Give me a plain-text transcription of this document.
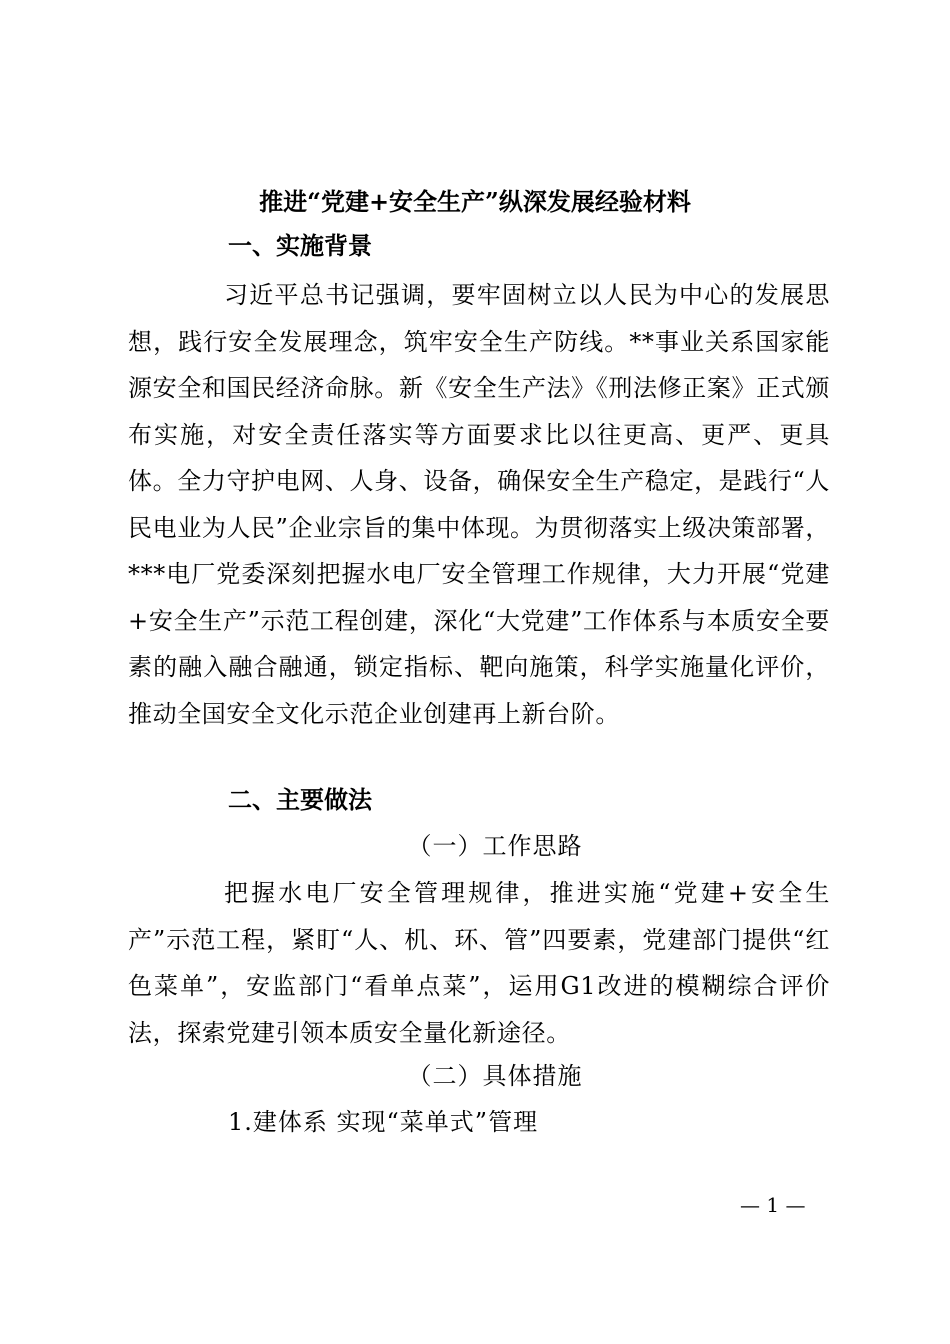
推进“党建+安全生产”纵深发展经验材料
一、实施背景
习近平总书记强调，要牢固树立以人民为中心的发展思想，践行安全发展理念，筑牢安全生产防线。**事业关系国家能源安全和国民经济命脉。新《安全生产法》《刑法修正案》正式颁布实施，对安全责任落实等方面要求比以往更高、更严、更具体。全力守护电网、人身、设备，确保安全生产稳定，是践行“人民电业为人民”企业宗旨的集中体现。为贯彻落实上级决策部署，***电厂党委深刻把握水电厂安全管理工作规律，大力开展“党建+安全生产”示范工程创建，深化“大党建”工作体系与本质安全要素的融入融合融通，锁定指标、靶向施策，科学实施量化评价，推动全国安全文化示范企业创建再上新台阶。
二、主要做法
（一）工作思路
把握水电厂安全管理规律，推进实施“党建+安全生产”示范工程，紧盯“人、机、环、管”四要素，党建部门提供“红色菜单”，安监部门“看单点菜”，运用G1改进的模糊综合评价法，探索党建引领本质安全量化新途径。
（二）具体措施
1.建体系 实现“菜单式”管理
— 1 —
